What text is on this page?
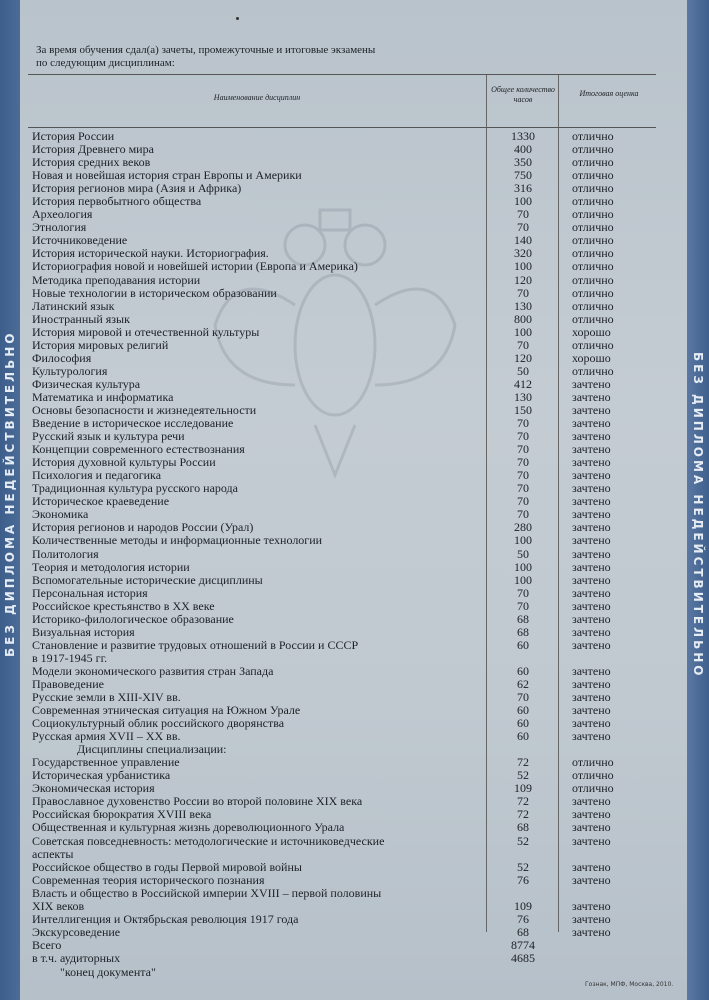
БЕЗ ДИПЛОМА НЕДЕЙСТВИТЕЛЬНО	БЕЗ ДИПЛОМА НЕДЕЙСТВИТЕЛЬНО
За время обучения сдал(а) зачеты, промежуточные и итоговые экзамены
по следующим дисциплинам:
Наименование дисциплин
Общее количество часов
Итоговая оценка
История России	1330	отлично
История Древнего мира	400	отлично
История средних веков	350	отлично
Новая и новейшая история стран Европы и Америки	750	отлично
История регионов мира (Азия и Африка)	316	отлично
История первобытного общества	100	отлично
Археология	70	отлично
Этнология	70	отлично
Источниковедение	140	отлично
История исторической науки. Историография.	320	отлично
Историография новой и новейшей истории (Европа и Америка)	100	отлично
Методика преподавания истории	120	отлично
Новые технологии в историческом образовании	70	отлично
Латинский язык	130	отлично
Иностранный язык	800	отлично
История мировой и отечественной культуры	100	хорошо
История мировых религий	70	отлично
Философия	120	хорошо
Культурология	50	отлично
Физическая культура	412	зачтено
Математика и информатика	130	зачтено
Основы безопасности и жизнедеятельности	150	зачтено
Введение в историческое исследование	70	зачтено
Русский язык и культура речи	70	зачтено
Концепции современного естествознания	70	зачтено
История духовной культуры России	70	зачтено
Психология и педагогика	70	зачтено
Традиционная культура русского народа	70	зачтено
Историческое краеведение	70	зачтено
Экономика	70	зачтено
История регионов и народов России (Урал)	280	зачтено
Количественные методы и информационные технологии	100	зачтено
Политология	50	зачтено
Теория и методология истории	100	зачтено
Вспомогательные исторические дисциплины	100	зачтено
Персональная история	70	зачтено
Российское крестьянство в XX веке	70	зачтено
Историко-филологическое образование	68	зачтено
Визуальная история	68	зачтено
Становление и развитие трудовых отношений в России и СССР	60	зачтено
в 1917-1945 гг.
Модели экономического развития стран Запада	60	зачтено
Правоведение	62	зачтено
Русские земли в XIII-XIV вв.	70	зачтено
Современная этническая ситуация на Южном Урале	60	зачтено
Социокультурный облик российского дворянства	60	зачтено
Русская армия XVII – XX вв.	60	зачтено
Дисциплины специализации:
Государственное управление	72	отлично
Историческая урбанистика	52	отлично
Экономическая история	109	отлично
Православное духовенство России во второй половине XIX века	72	зачтено
Российская бюрократия XVIII века	72	зачтено
Общественная и культурная жизнь дореволюционного Урала	68	зачтено
Советская повседневность: методологические и источниковедческие	52	зачтено
аспекты
Российское общество в годы Первой мировой войны	52	зачтено
Современная теория исторического познания	76	зачтено
Власть и общество в Российской империи XVIII – первой половины
XIX веков	109	зачтено
Интеллигенция и Октябрьская революция 1917 года	76	зачтено
Экскурсоведение	68	зачтено
Всего	8774
в т.ч. аудиторных	4685
"конец документа"
Гознак, МПФ, Москва, 2010.
